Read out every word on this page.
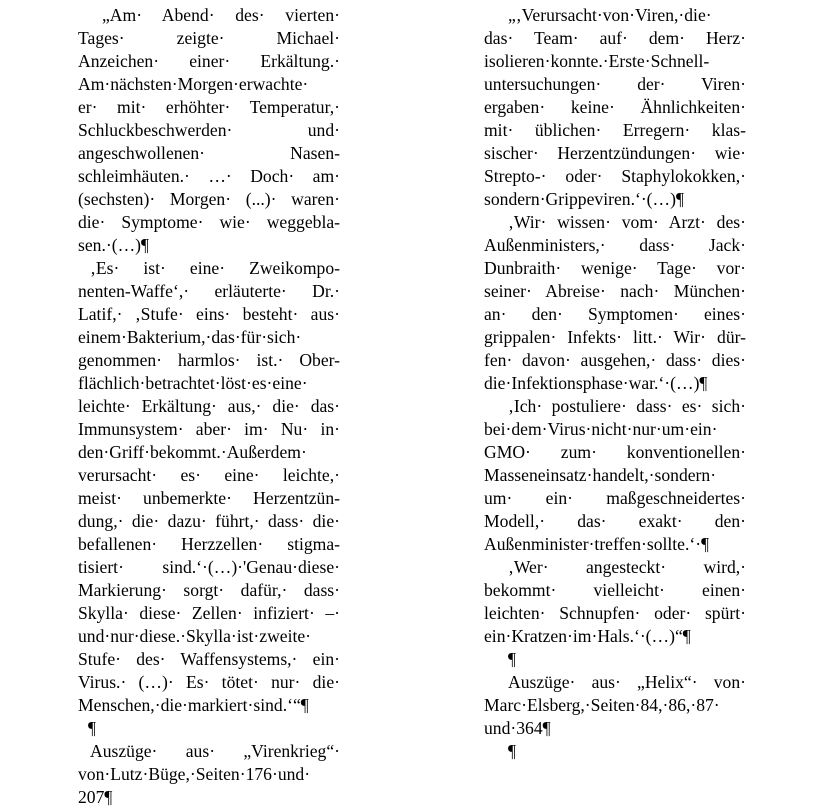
„Am· Abend· des· vierten·
Tages· zeigte· Michael·
Anzeichen· einer· Erkältung.·
Am·nächsten·Morgen·erwachte·
er· mit· erhöhter· Temperatur,·
Schluckbeschwerden· und·
angeschwollenen· Nasen-
schleimhäuten.· …· Doch· am·
(sechsten)· Morgen· (...)· waren·
die· Symptome· wie· weggebla-
sen.·(…)¶
‚Es· ist· eine· Zweikompo-
nenten-Waffe‘,· erläuterte· Dr.·
Latif,· ‚Stufe· eins· besteht· aus·
einem·Bakterium,·das·für·sich·
genommen· harmlos· ist.· Ober-
flächlich·betrachtet·löst·es·eine·
leichte· Erkältung· aus,· die· das·
Immunsystem· aber· im· Nu· in·
den·Griff·bekommt.·Außerdem·
verursacht· es· eine· leichte,·
meist· unbemerkte· Herzentzün-
dung,· die· dazu· führt,· dass· die·
befallenen· Herzzellen· stigma-
tisiert· sind.‘·(…)·'Genau·diese·
Markierung· sorgt· dafür,· dass·
Skylla· diese· Zellen· infiziert· –·
und·nur·diese.·Skylla·ist·zweite·
Stufe· des· Waffensystems,· ein·
Virus.· (…)· Es· tötet· nur· die·
Menschen,·die·markiert·sind.‘“¶
¶
Auszüge· aus· „Virenkrieg“·
von·Lutz·Büge,·Seiten·176·und·
207¶
„‚Verursacht·von·Viren,·die·
das· Team· auf· dem· Herz·
isolieren·konnte.·Erste·Schnell-
untersuchungen· der· Viren·
ergaben· keine· Ähnlichkeiten·
mit· üblichen· Erregern· klas-
sischer· Herzentzündungen· wie·
Strepto-· oder· Staphylokokken,·
sondern·Grippeviren.‘·(…)¶
‚Wir· wissen· vom· Arzt· des·
Außenministers,· dass· Jack·
Dunbraith· wenige· Tage· vor·
seiner· Abreise· nach· München·
an· den· Symptomen· eines·
grippalen· Infekts· litt.· Wir· dür-
fen· davon· ausgehen,· dass· dies·
die·Infektionsphase·war.‘·(…)¶
‚Ich· postuliere· dass· es· sich·
bei·dem·Virus·nicht·nur·um·ein·
GMO· zum· konventionellen·
Masseneinsatz·handelt,·sondern·
um· ein· maßgeschneidertes·
Modell,· das· exakt· den·
Außenminister·treffen·sollte.‘·¶
‚Wer· angesteckt· wird,·
bekommt· vielleicht· einen·
leichten· Schnupfen· oder· spürt·
ein·Kratzen·im·Hals.‘·(…)“¶
¶
Auszüge· aus· „Helix“· von·
Marc·Elsberg,·Seiten·84,·86,·87·
und·364¶
¶
